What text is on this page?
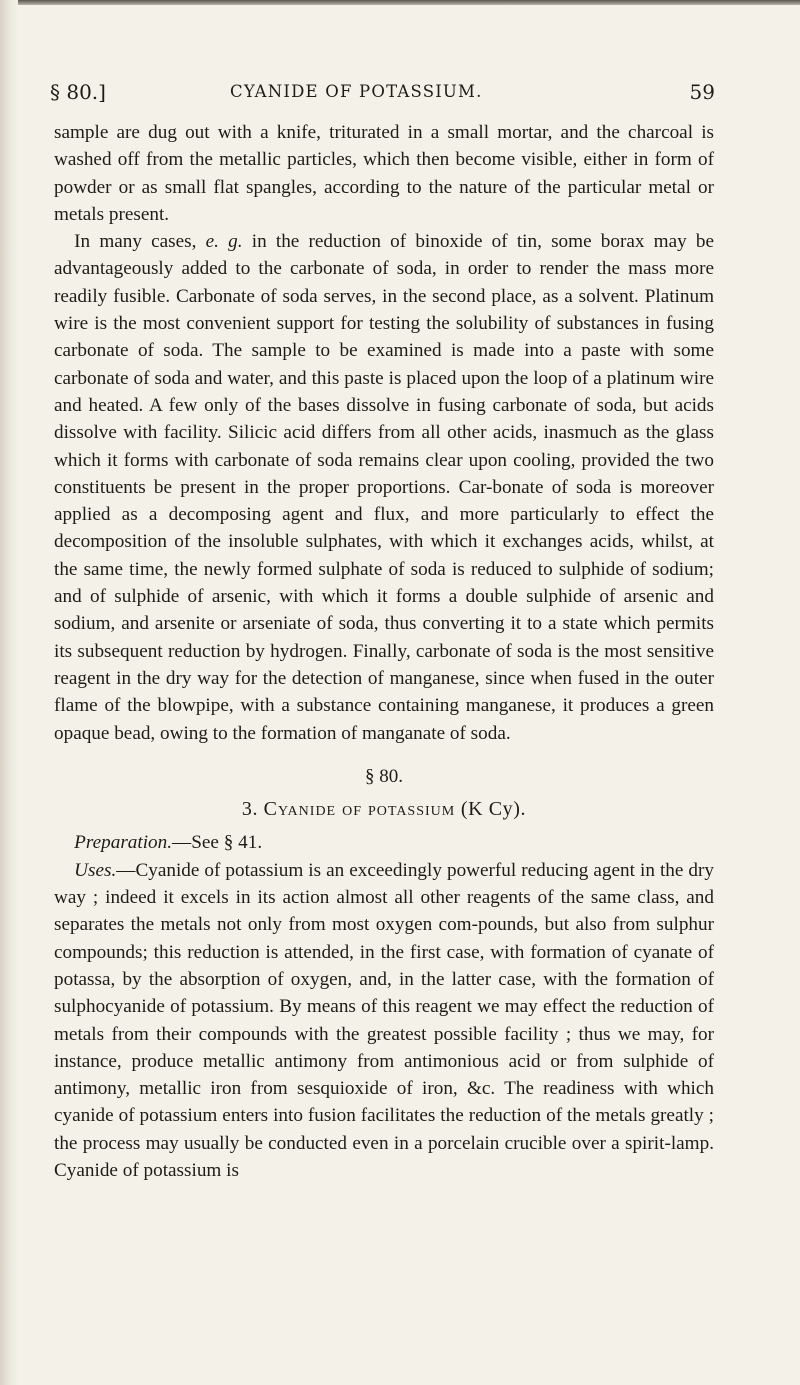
§ 80.]	CYANIDE OF POTASSIUM.	59

sample are dug out with a knife, triturated in a small mortar, and the charcoal is washed off from the metallic particles, which then become visible, either in form of powder or as small flat spangles, according to the nature of the particular metal or metals present.

In many cases, e. g. in the reduction of binoxide of tin, some borax may be advantageously added to the carbonate of soda, in order to render the mass more readily fusible. Carbonate of soda serves, in the second place, as a solvent. Platinum wire is the most convenient support for testing the solubility of substances in fusing carbonate of soda. The sample to be examined is made into a paste with some carbonate of soda and water, and this paste is placed upon the loop of a platinum wire and heated. A few only of the bases dissolve in fusing carbonate of soda, but acids dissolve with facility. Silicic acid differs from all other acids, inasmuch as the glass which it forms with carbonate of soda remains clear upon cooling, provided the two constituents be present in the proper proportions. Car-bonate of soda is moreover applied as a decomposing agent and flux, and more particularly to effect the decomposition of the insoluble sulphates, with which it exchanges acids, whilst, at the same time, the newly formed sulphate of soda is reduced to sulphide of sodium; and of sulphide of arsenic, with which it forms a double sulphide of arsenic and sodium, and arsenite or arseniate of soda, thus converting it to a state which permits its subsequent reduction by hydrogen. Finally, carbonate of soda is the most sensitive reagent in the dry way for the detection of manganese, since when fused in the outer flame of the blowpipe, with a substance containing manganese, it produces a green opaque bead, owing to the formation of manganate of soda.

§ 80.
3. Cyanide of potassium (K Cy).

Preparation.—See § 41.

Uses.—Cyanide of potassium is an exceedingly powerful reducing agent in the dry way ; indeed it excels in its action almost all other reagents of the same class, and separates the metals not only from most oxygen com-pounds, but also from sulphur compounds; this reduction is attended, in the first case, with formation of cyanate of potassa, by the absorption of oxygen, and, in the latter case, with the formation of sulphocyanide of potassium. By means of this reagent we may effect the reduction of metals from their compounds with the greatest possible facility ; thus we may, for instance, produce metallic antimony from antimonious acid or from sulphide of antimony, metallic iron from sesquioxide of iron, &c. The readiness with which cyanide of potassium enters into fusion facilitates the reduction of the metals greatly ; the process may usually be conducted even in a porcelain crucible over a spirit-lamp. Cyanide of potassium is
